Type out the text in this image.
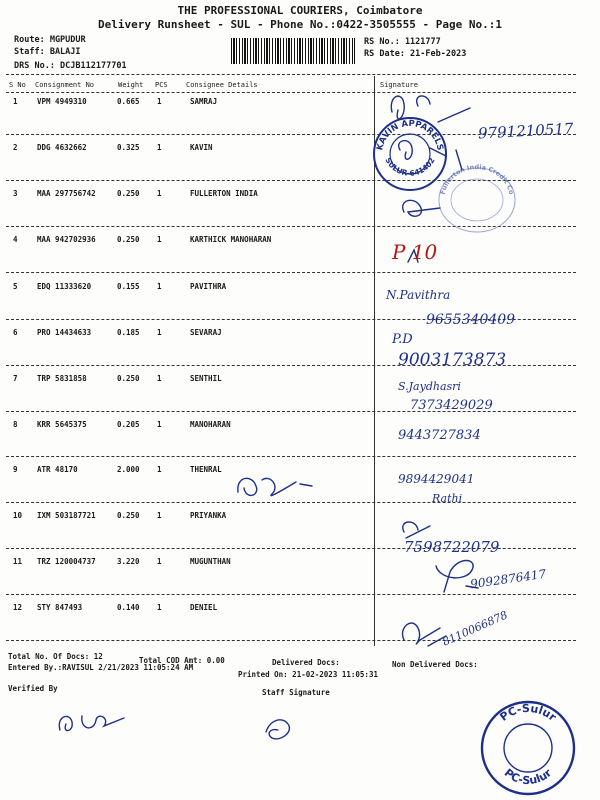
THE PROFESSIONAL COURIERS, Coimbatore
Delivery Runsheet - SUL - Phone No.:0422-3505555 - Page No.:1
Route: MGPUDUR
Staff: BALAJI
DRS No.: DCJB112177701
RS No.: 1121777
RS Date: 21-Feb-2023
S No Consignment No	Weight PCS	Consignee Details	Signature
1	VPM 4949310	0.665 1	SAMRAJ
2	DDG 4632662	0.325 1	KAVIN
3	MAA 297756742	0.250 1	FULLERTON INDIA
4	MAA 942702936	0.250 1	KARTHICK MANOHARAN
5	EDQ 11333620	0.155 1	PAVITHRA
6	PRO 14434633	0.185 1	SEVARAJ
7	TRP 5831858	0.250 1	SENTHIL
8	KRR 5645375	0.205 1	MANOHARAN
9	ATR 48170	2.000 1	THENRAL
10 IXM 503187721	0.250 1	PRIYANKA
11 TRZ 120004737	3.220 1	MUGUNTHAN
12 STY 847493	0.140 1	DENIEL
9791210517
P 10
N.Pavithra
9655340409
P.D
9003173873
S.Jaydhasri
7373429029
9443727834
9894429041
Rathi
7598722079
9092876417
8110066878
KAVIN APPARELS
SULUR-641402
Fullerton India Credit Co
PC-Sulur
PC-Sulur
Total No. Of Docs: 12	Total COD Amt: 0.00	Delivered Docs:	Non Delivered Docs:
Entered By.:RAVISUL 2/21/2023 11:05:24 AM
Printed On: 21-02-2023 11:05:31
Verified By	Staff Signature
